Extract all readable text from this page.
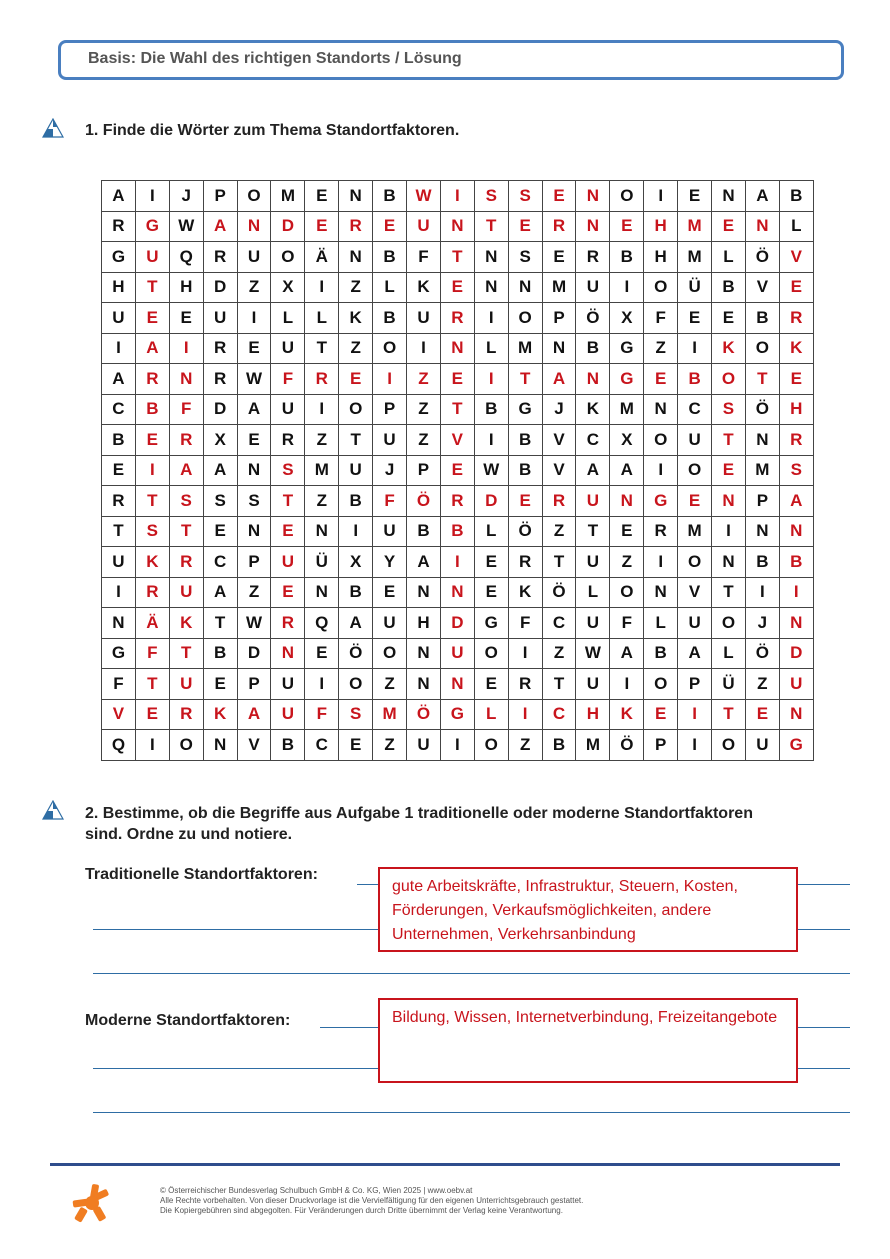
Basis: Die Wahl des richtigen Standorts / Lösung
1. Finde die Wörter zum Thema Standortfaktoren.
A	I	J	P	O	M	E	N	B	W	I	S	S	E	N	O	I	E	N	A	B
R	G	W	A	N	D	E	R	E	U	N	T	E	R	N	E	H	M	E	N	L
G	U	Q	R	U	O	Ä	N	B	F	T	N	S	E	R	B	H	M	L	Ö	V
H	T	H	D	Z	X	I	Z	L	K	E	N	N	M	U	I	O	Ü	B	V	E
U	E	E	U	I	L	L	K	B	U	R	I	O	P	Ö	X	F	E	E	B	R
I	A	I	R	E	U	T	Z	O	I	N	L	M	N	B	G	Z	I	K	O	K
A	R	N	R	W	F	R	E	I	Z	E	I	T	A	N	G	E	B	O	T	E
C	B	F	D	A	U	I	O	P	Z	T	B	G	J	K	M	N	C	S	Ö	H
B	E	R	X	E	R	Z	T	U	Z	V	I	B	V	C	X	O	U	T	N	R
E	I	A	A	N	S	M	U	J	P	E	W	B	V	A	A	I	O	E	M	S
R	T	S	S	S	T	Z	B	F	Ö	R	D	E	R	U	N	G	E	N	P	A
T	S	T	E	N	E	N	I	U	B	B	L	Ö	Z	T	E	R	M	I	N	N
U	K	R	C	P	U	Ü	X	Y	A	I	E	R	T	U	Z	I	O	N	B	B
I	R	U	A	Z	E	N	B	E	N	N	E	K	Ö	L	O	N	V	T	I	I
N	Ä	K	T	W	R	Q	A	U	H	D	G	F	C	U	F	L	U	O	J	N
G	F	T	B	D	N	E	Ö	O	N	U	O	I	Z	W	A	B	A	L	Ö	D
F	T	U	E	P	U	I	O	Z	N	N	E	R	T	U	I	O	P	Ü	Z	U
V	E	R	K	A	U	F	S	M	Ö	G	L	I	C	H	K	E	I	T	E	N
Q	I	O	N	V	B	C	E	Z	U	I	O	Z	B	M	Ö	P	I	O	U	G
2. Bestimme, ob die Begriffe aus Aufgabe 1 traditionelle oder moderne Standortfaktoren
sind. Ordne zu und notiere.
Traditionelle Standortfaktoren:
gute Arbeitskräfte, Infrastruktur, Steuern, Kosten, Förderungen, Verkaufsmöglichkeiten, andere Unternehmen, Verkehrsanbindung
Moderne Standortfaktoren:	Bildung, Wissen, Internetverbindung, Freizeitangebote
© Österreichischer Bundesverlag Schulbuch GmbH & Co. KG, Wien 2025 | www.oebv.at
Alle Rechte vorbehalten. Von dieser Druckvorlage ist die Vervielfältigung für den eigenen Unterrichtsgebrauch gestattet.
Die Kopiergebühren sind abgegolten. Für Veränderungen durch Dritte übernimmt der Verlag keine Verantwortung.
